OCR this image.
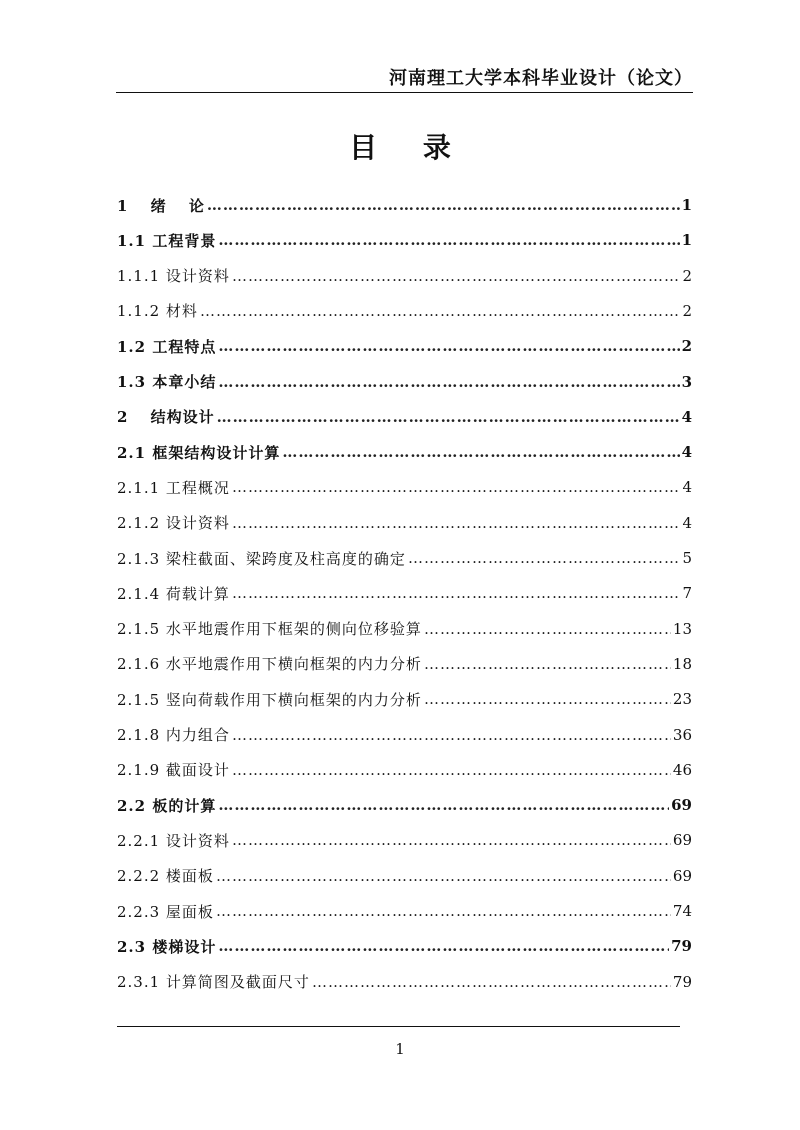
河南理工大学本科毕业设计（论文）
目 录
1　 绪　 论 ………………………………………………………………………………………………………………………………………………………………………………	1
1.1 工程背景 ………………………………………………………………………………………………………………………………………………………………………………	1
1.1.1 设计资料 ………………………………………………………………………………………………………………………………………………………………………………	2
1.1.2 材料 ………………………………………………………………………………………………………………………………………………………………………………	2
1.2 工程特点 ………………………………………………………………………………………………………………………………………………………………………………	2
1.3 本章小结 ………………………………………………………………………………………………………………………………………………………………………………	3
2　 结构设计 ………………………………………………………………………………………………………………………………………………………………………………	4
2.1 框架结构设计计算 ………………………………………………………………………………………………………………………………………………………………………………	4
2.1.1 工程概况 ………………………………………………………………………………………………………………………………………………………………………………	4
2.1.2 设计资料 ………………………………………………………………………………………………………………………………………………………………………………	4
2.1.3 梁柱截面、梁跨度及柱高度的确定 ………………………………………………………………………………………………………………………………………………………………………………	5
2.1.4 荷载计算 ………………………………………………………………………………………………………………………………………………………………………………	7
2.1.5 水平地震作用下框架的侧向位移验算 ………………………………………………………………………………………………………………………………………………………………………………	13
2.1.6 水平地震作用下横向框架的内力分析 ………………………………………………………………………………………………………………………………………………………………………………	18
2.1.5 竖向荷载作用下横向框架的内力分析 ………………………………………………………………………………………………………………………………………………………………………………	23
2.1.8 内力组合 ………………………………………………………………………………………………………………………………………………………………………………	36
2.1.9 截面设计 ………………………………………………………………………………………………………………………………………………………………………………	46
2.2 板的计算 ………………………………………………………………………………………………………………………………………………………………………………	69
2.2.1 设计资料 ………………………………………………………………………………………………………………………………………………………………………………	69
2.2.2 楼面板 ………………………………………………………………………………………………………………………………………………………………………………	69
2.2.3 屋面板 ………………………………………………………………………………………………………………………………………………………………………………	74
2.3 楼梯设计 ………………………………………………………………………………………………………………………………………………………………………………	79
2.3.1 计算简图及截面尺寸 ………………………………………………………………………………………………………………………………………………………………………………	79
1
